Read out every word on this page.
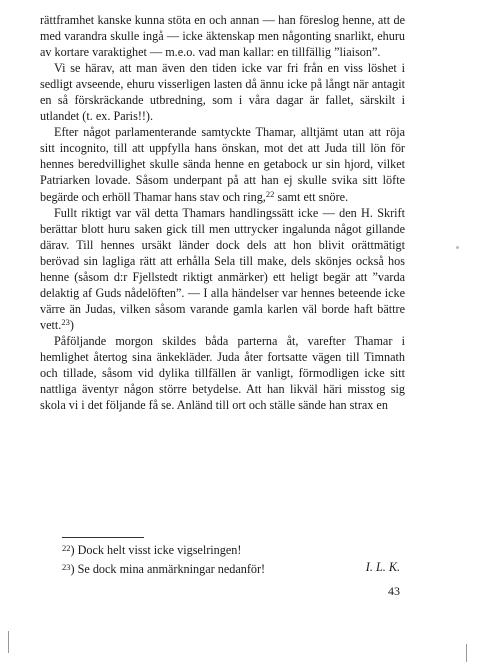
rättframhet kanske kunna stöta en och annan — han föreslog henne, att de med varandra skulle ingå — icke äktenskap men någonting snarlikt, ehuru av kortare varaktighet — m.e.o. vad man kallar: en tillfällig ”liaison”.

Vi se härav, att man även den tiden icke var fri från en viss löshet i sedligt avseende, ehuru visserligen lasten då ännu icke på långt när antagit en så förskräckande utbredning, som i våra dagar är fallet, särskilt i utlandet (t. ex. Paris!!).

Efter något parlamenterande samtyckte Thamar, alltjämt utan att röja sitt incognito, till att uppfylla hans önskan, mot det att Juda till lön för hennes beredvillighet skulle sända henne en getabock ur sin hjord, vilket Patriarken lovade. Såsom underpant på att han ej skulle svika sitt löfte begärde och erhöll Thamar hans stav och ring,$^{22}$ samt ett snöre.

Fullt riktigt var väl detta Thamars handlingssätt icke — den H. Skrift berättar blott huru saken gick till men uttrycker ingalunda något gillande därav. Till hennes ursäkt länder dock dels att hon blivit orättmätigt berövad sin lagliga rätt att erhålla Sela till make, dels skönjes också hos henne (såsom d:r Fjellstedt riktigt anmärker) ett heligt begär att ”varda delaktig af Guds nådelöften”. — I alla händelser var hennes beteende icke värre än Judas, vilken såsom varande gamla karlen väl borde haft bättre vett.$^{23}$)

Påföljande morgon skildes båda parterna åt, varefter Thamar i hemlighet återtog sina änkekläder. Juda åter fortsatte vägen till Timnath och tillade, såsom vid dylika tillfällen är vanligt, förmodligen icke sitt nattliga äventyr någon större betydelse. Att han likväl häri misstog sig skola vi i det följande få se. Anländ till ort och ställe sände han strax en

$^{22}$) Dock helt visst icke vigselringen!
$^{23}$) Se dock mina anmärkningar nedanför!	I. L. K.
43
